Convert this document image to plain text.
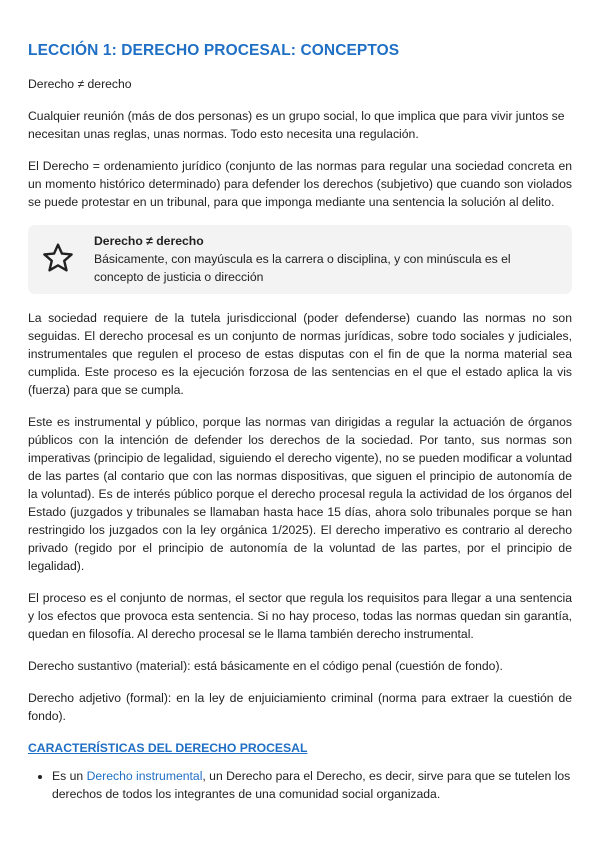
LECCIÓN 1: DERECHO PROCESAL: CONCEPTOS

Derecho ≠ derecho

Cualquier reunión (más de dos personas) es un grupo social, lo que implica que para vivir juntos se necesitan unas reglas, unas normas. Todo esto necesita una regulación.

El Derecho = ordenamiento jurídico (conjunto de las normas para regular una sociedad concreta en un momento histórico determinado) para defender los derechos (subjetivo) que cuando son violados se puede protestar en un tribunal, para que imponga mediante una sentencia la solución al delito.

Derecho ≠ derecho
Básicamente, con mayúscula es la carrera o disciplina, y con minúscula es el concepto de justicia o dirección

La sociedad requiere de la tutela jurisdiccional (poder defenderse) cuando las normas no son seguidas. El derecho procesal es un conjunto de normas jurídicas, sobre todo sociales y judiciales, instrumentales que regulen el proceso de estas disputas con el fin de que la norma material sea cumplida. Este proceso es la ejecución forzosa de las sentencias en el que el estado aplica la vis (fuerza) para que se cumpla.

Este es instrumental y público, porque las normas van dirigidas a regular la actuación de órganos públicos con la intención de defender los derechos de la sociedad. Por tanto, sus normas son imperativas (principio de legalidad, siguiendo el derecho vigente), no se pueden modificar a voluntad de las partes (al contario que con las normas dispositivas, que siguen el principio de autonomía de la voluntad). Es de interés público porque el derecho procesal regula la actividad de los órganos del Estado (juzgados y tribunales se llamaban hasta hace 15 días, ahora solo tribunales porque se han restringido los juzgados con la ley orgánica 1/2025). El derecho imperativo es contrario al derecho privado (regido por el principio de autonomía de la voluntad de las partes, por el principio de legalidad).

El proceso es el conjunto de normas, el sector que regula los requisitos para llegar a una sentencia y los efectos que provoca esta sentencia. Si no hay proceso, todas las normas quedan sin garantía, quedan en filosofía. Al derecho procesal se le llama también derecho instrumental.

Derecho sustantivo (material): está básicamente en el código penal (cuestión de fondo).

Derecho adjetivo (formal): en la ley de enjuiciamiento criminal (norma para extraer la cuestión de fondo).

CARACTERÍSTICAS DEL DERECHO PROCESAL
• Es un Derecho instrumental, un Derecho para el Derecho, es decir, sirve para que se tutelen los derechos de todos los integrantes de una comunidad social organizada.
